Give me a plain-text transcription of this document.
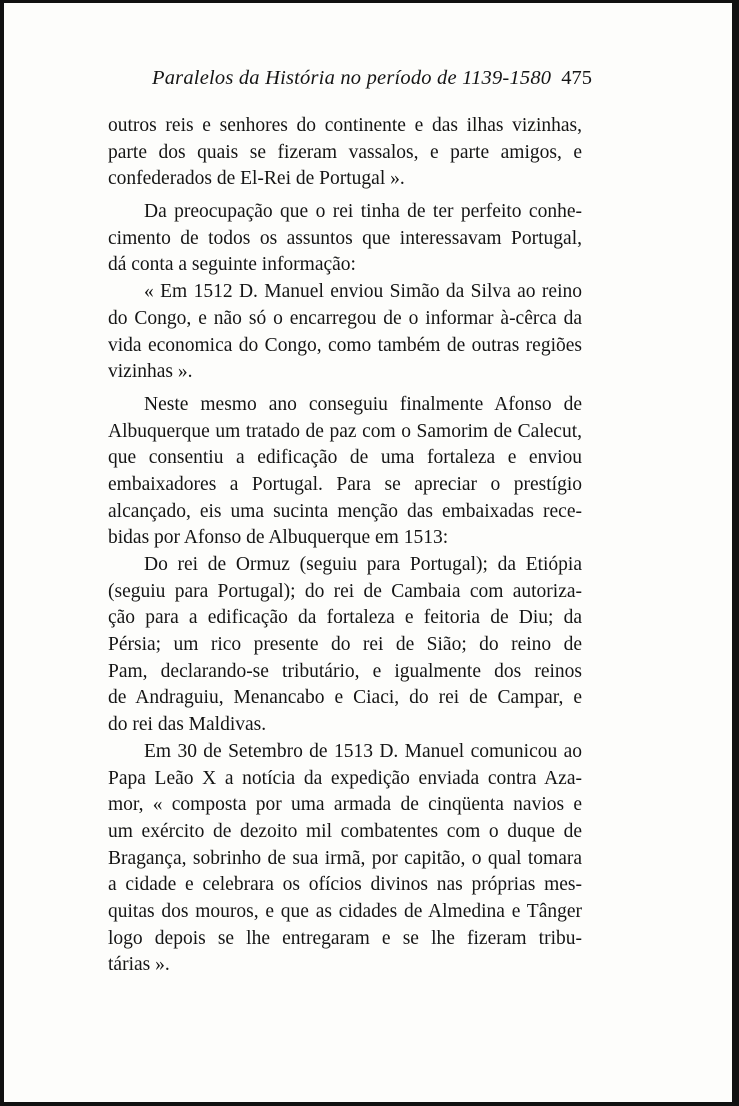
Paralelos da História no período de 1139-1580 475
outros reis e senhores do continente e das ilhas vizinhas,
parte dos quais se fizeram vassalos, e parte amigos, e
confederados de El-Rei de Portugal ».
Da preocupação que o rei tinha de ter perfeito conhe-
cimento de todos os assuntos que interessavam Portugal,
dá conta a seguinte informação:
« Em 1512 D. Manuel enviou Simão da Silva ao reino
do Congo, e não só o encarregou de o informar à-cêrca da
vida economica do Congo, como também de outras regiões
vizinhas ».
Neste mesmo ano conseguiu finalmente Afonso de
Albuquerque um tratado de paz com o Samorim de Calecut,
que consentiu a edificação de uma fortaleza e enviou
embaixadores a Portugal. Para se apreciar o prestígio
alcançado, eis uma sucinta menção das embaixadas rece-
bidas por Afonso de Albuquerque em 1513:
Do rei de Ormuz (seguiu para Portugal); da Etiópia
(seguiu para Portugal); do rei de Cambaia com autoriza-
ção para a edificação da fortaleza e feitoria de Diu; da
Pérsia; um rico presente do rei de Sião; do reino de
Pam, declarando-se tributário, e igualmente dos reinos
de Andraguiu, Menancabo e Ciaci, do rei de Campar, e
do rei das Maldivas.
Em 30 de Setembro de 1513 D. Manuel comunicou ao
Papa Leão X a notícia da expedição enviada contra Aza-
mor, « composta por uma armada de cinqüenta navios e
um exército de dezoito mil combatentes com o duque de
Bragança, sobrinho de sua irmã, por capitão, o qual tomara
a cidade e celebrara os ofícios divinos nas próprias mes-
quitas dos mouros, e que as cidades de Almedina e Tânger
logo depois se lhe entregaram e se lhe fizeram tribu-
tárias ».
